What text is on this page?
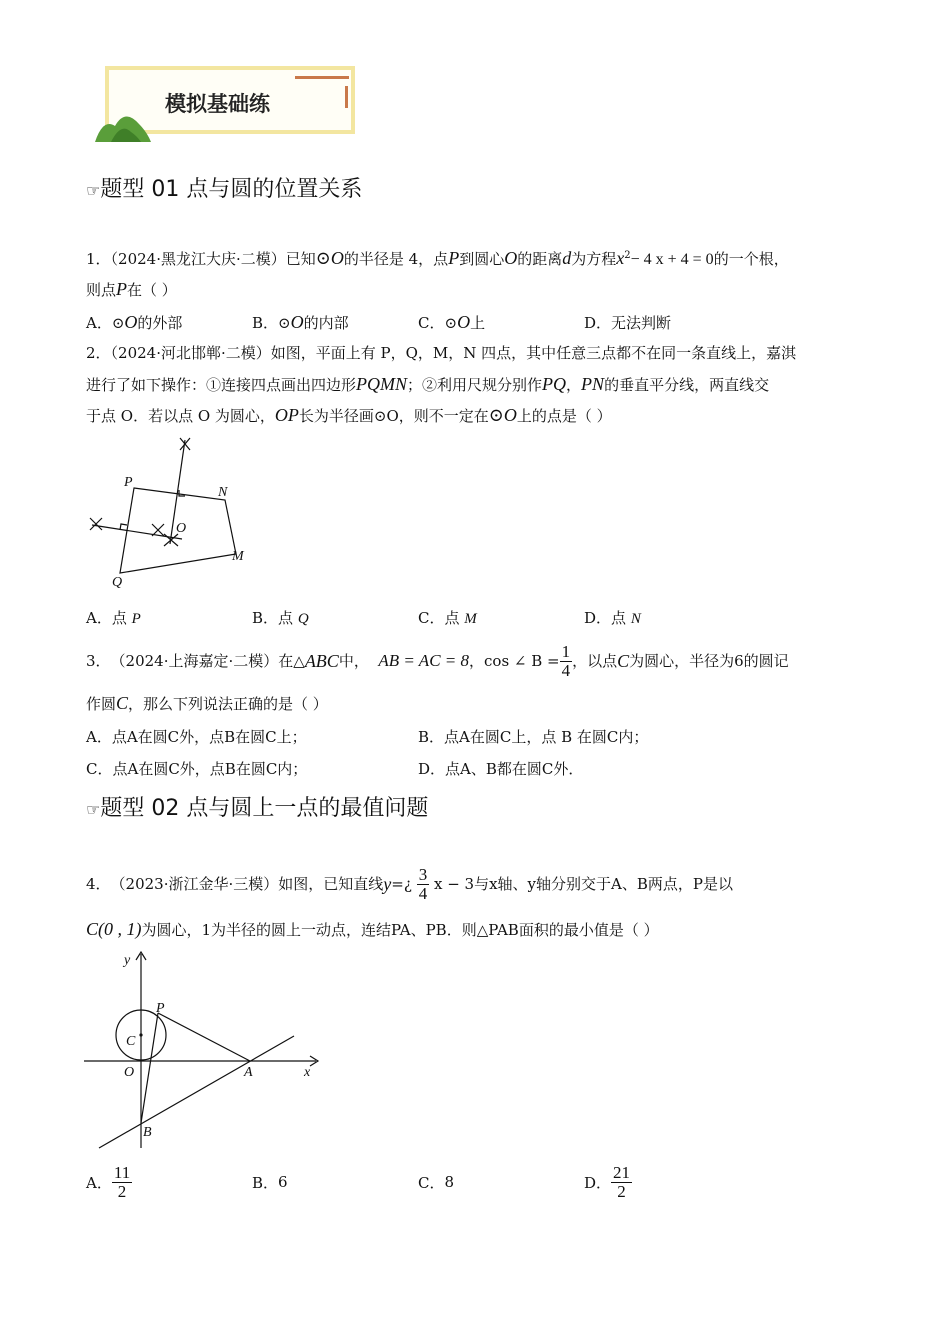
模拟基础练
☞题型 01 点与圆的位置关系
1．（2024·黑龙江大庆·二模）已知⊙O的半径是 4，点P到圆心O的距离d为方程$x^2- 4$ x + 4 = 0的一个根，
则点P在（ ）
A．⊙O的外部	B．⊙O的内部	C．⊙O上	D．无法判断
2．（2024·河北邯郸·二模）如图，平面上有 P，Q，M，N 四点，其中任意三点都不在同一条直线上，嘉淇
进行了如下操作：①连接四点画出四边形PQMN；②利用尺规分别作PQ，PN的垂直平分线，两直线交
于点 O．若以点 O 为圆心，OP长为半径画⊙O，则不一定在⊙O上的点是（ ）
P
N
O
M
Q
A．点 P	B．点 Q	C．点 M	D．点 N
3． （2024·上海嘉定·二模） 在△ ABC 中，
AB = AC = 8 ，cos ∠ $B = \frac{1}{4}$ ，以点 C 为圆心，半径为6的圆记
作圆C，那么下列说法正确的是（ ）
A．点A在圆C外，点B在圆C上；	B．点A在圆C上，点 B 在圆C内；
C．点A在圆C外，点B在圆C内；	D．点A、B都在圆C外．
☞题型 02 点与圆上一点的最值问题
4． （2023·浙江金华·三模） 如图，已知直线 y =¿
$\frac{3}{4}$
x − 3与x轴、y轴分别交于A、B两点，P是以
C(0 , 1)为圆心，1为半径的圆上一动点，连结PA、PB．则△PAB面积的最小值是（ ）
y
P
C
O	A	x
B
A． $\frac{11}{2}$	B． 6	C． 8	D． $\frac{21}{2}$
